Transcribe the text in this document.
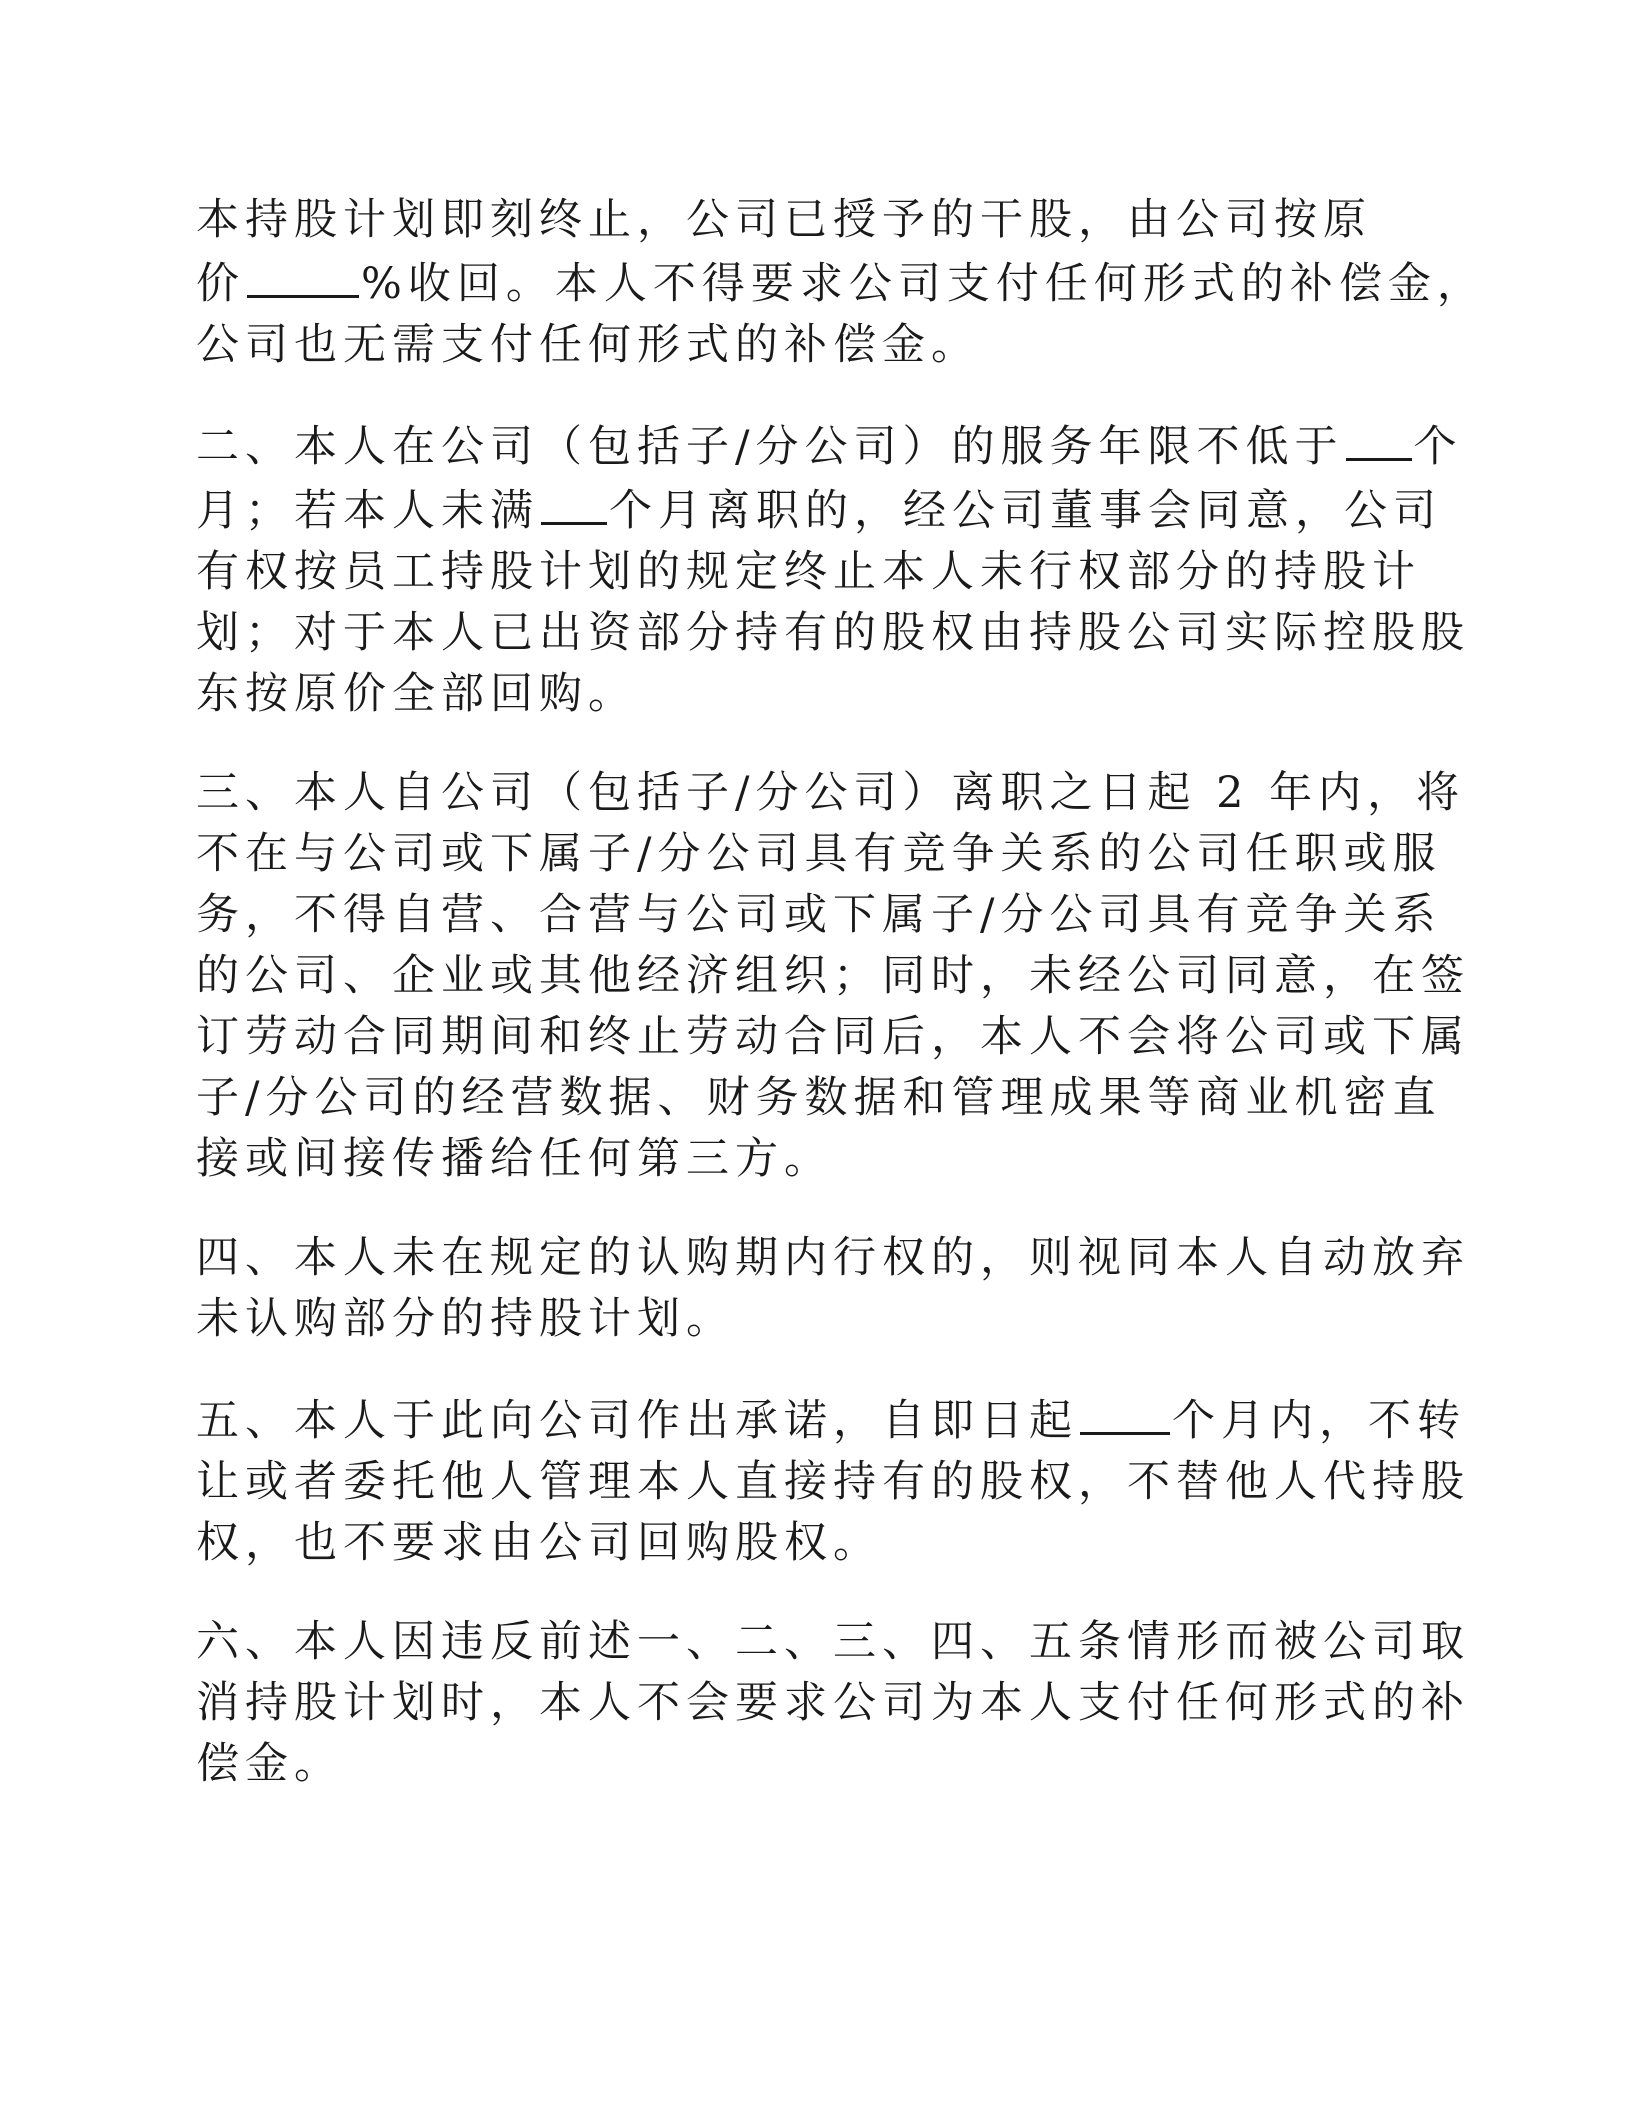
本持股计划即刻终止，公司已授予的干股，由公司按原
价	%收回。本人不得要求公司支付任何形式的补偿金，
公司也无需支付任何形式的补偿金。

二、本人在公司（包括子/分公司）的服务年限不低于 个
月；若本人未满 个月离职的，经公司董事会同意，公司
有权按员工持股计划的规定终止本人未行权部分的持股计
划；对于本人已出资部分持有的股权由持股公司实际控股股
东按原价全部回购。

三、本人自公司（包括子/分公司）离职之日起 2 年内，将
不在与公司或下属子/分公司具有竞争关系的公司任职或服
务，不得自营、合营与公司或下属子/分公司具有竞争关系
的公司、企业或其他经济组织；同时，未经公司同意，在签
订劳动合同期间和终止劳动合同后，本人不会将公司或下属
子/分公司的经营数据、财务数据和管理成果等商业机密直
接或间接传播给任何第三方。

四、本人未在规定的认购期内行权的，则视同本人自动放弃
未认购部分的持股计划。

五、本人于此向公司作出承诺，自即日起 个月内，不转
让或者委托他人管理本人直接持有的股权，不替他人代持股
权，也不要求由公司回购股权。

六、本人因违反前述一、二、三、四、五条情形而被公司取
消持股计划时，本人不会要求公司为本人支付任何形式的补
偿金。
